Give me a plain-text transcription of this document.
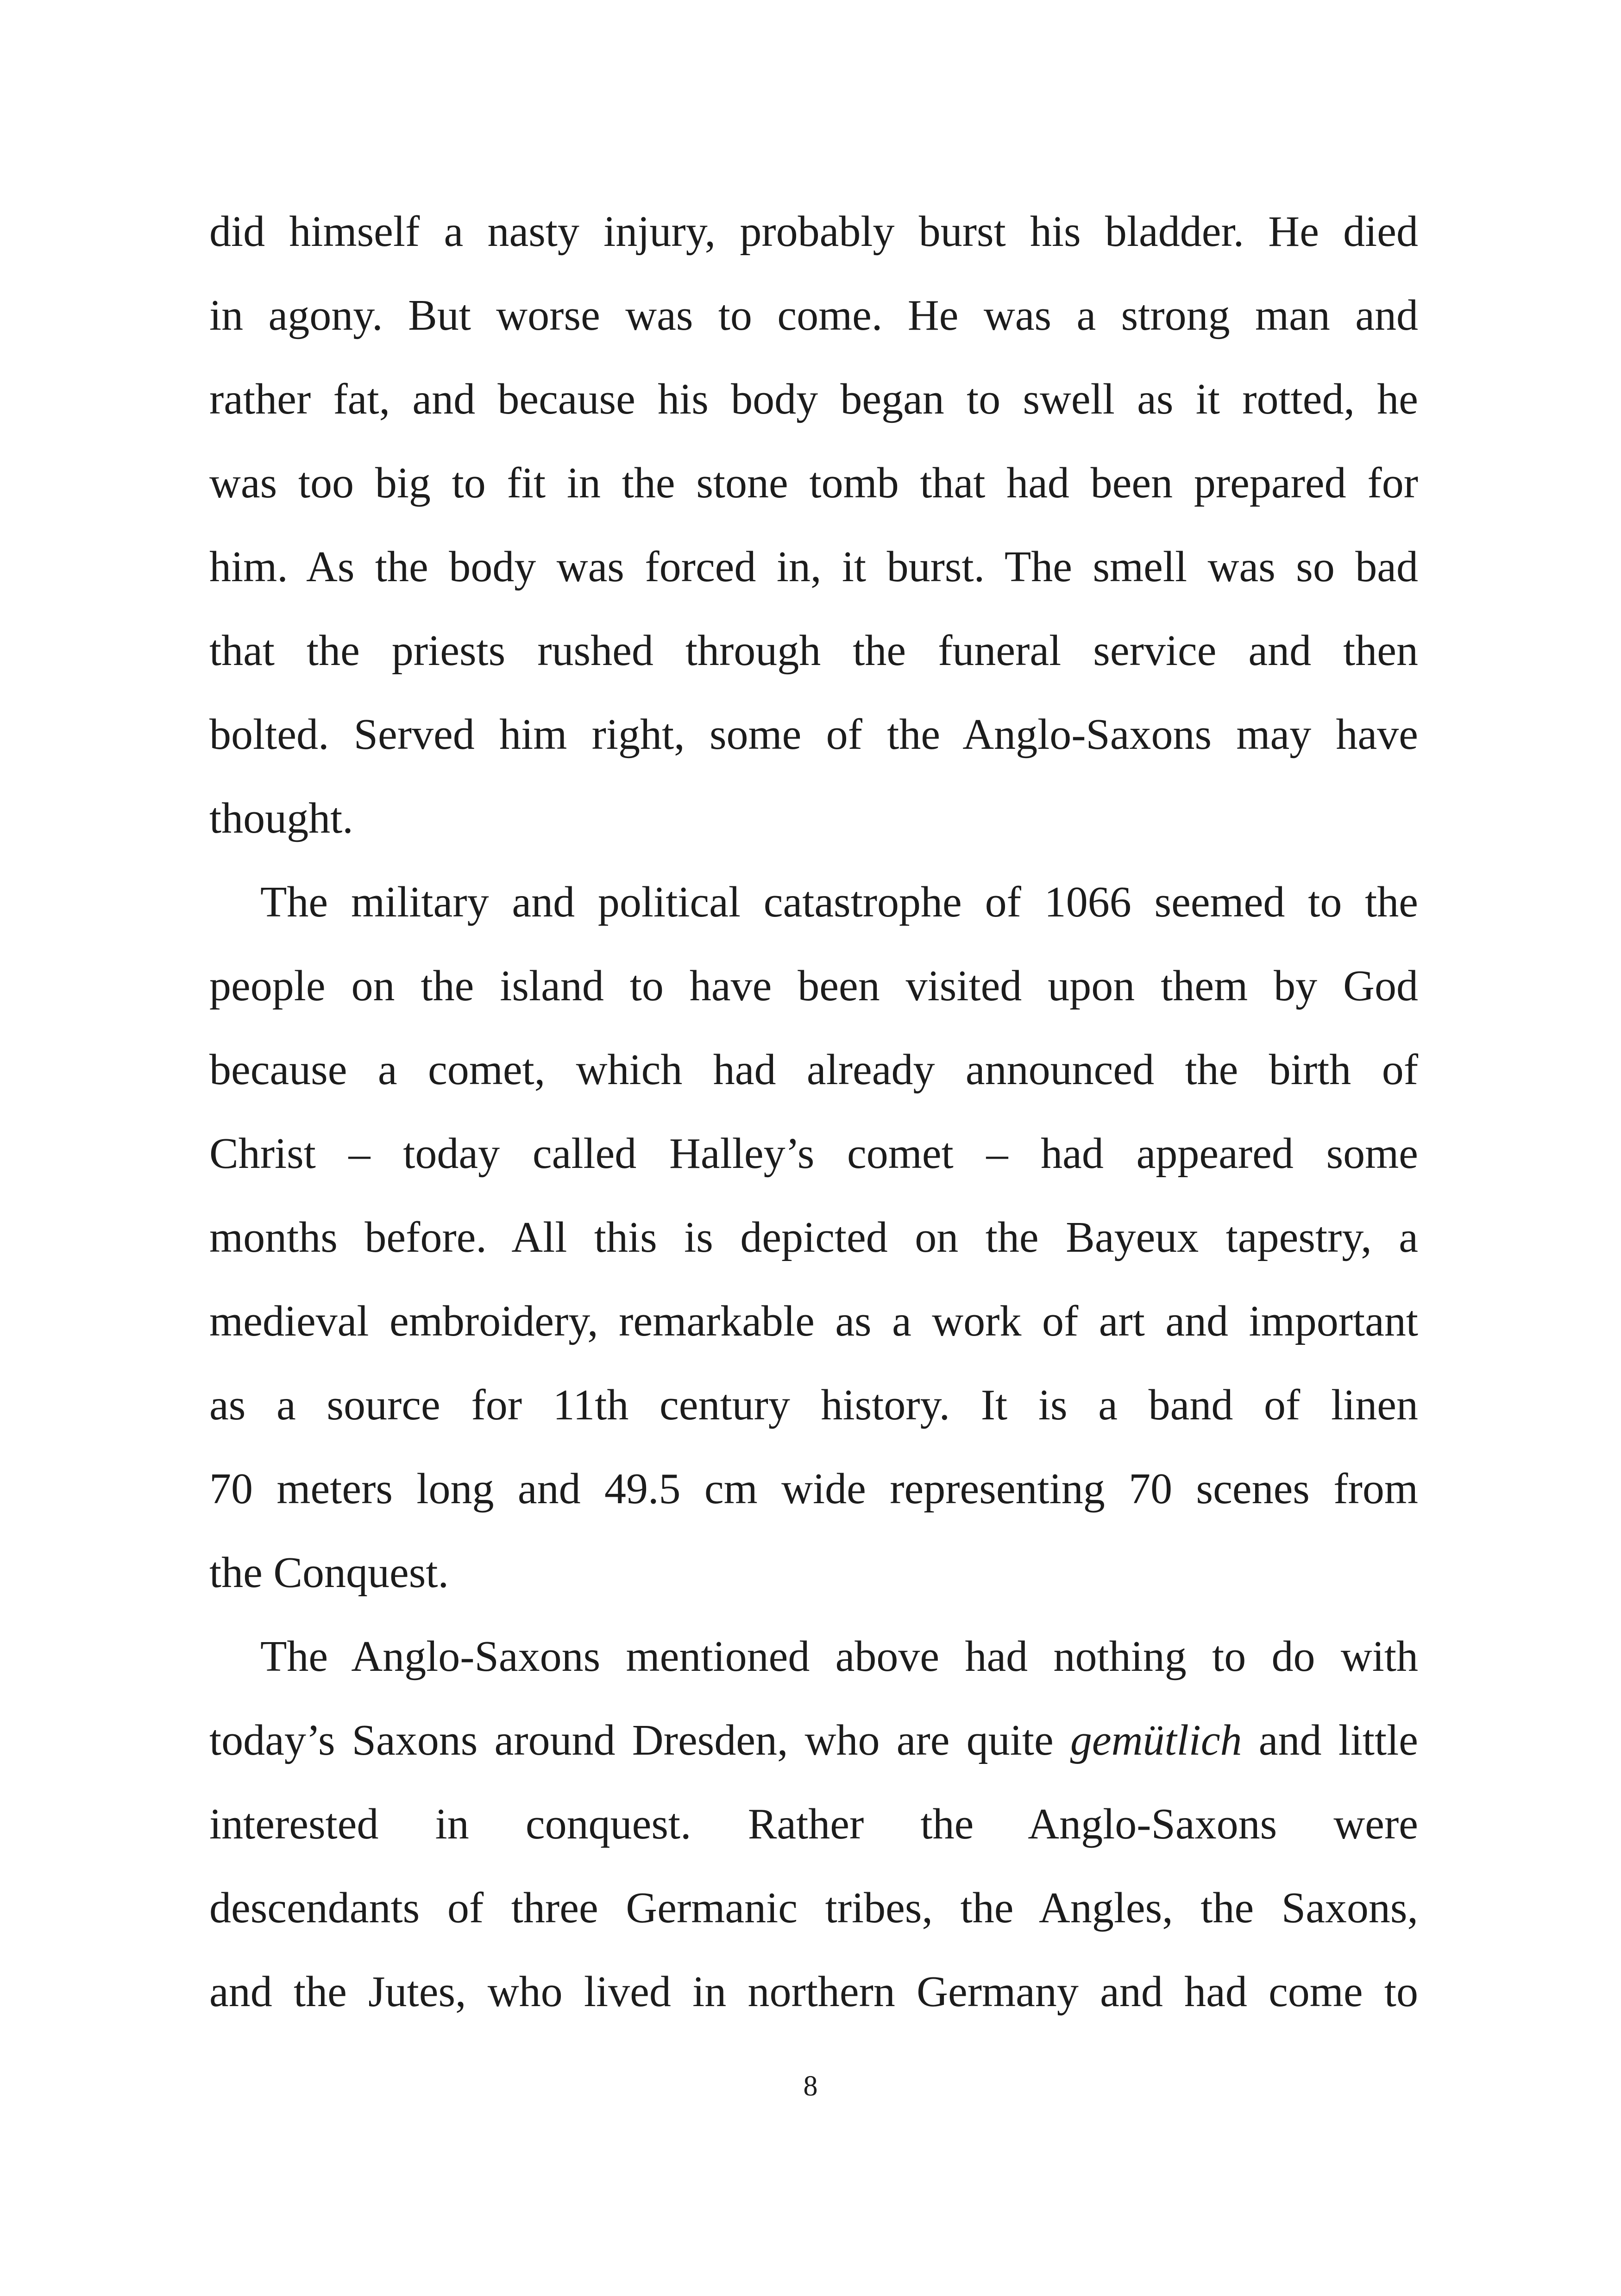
did himself a nasty injury, probably burst his bladder. He died
in agony. But worse was to come. He was a strong man and
rather fat, and because his body began to swell as it rotted, he
was too big to fit in the stone tomb that had been prepared for
him. As the body was forced in, it burst. The smell was so bad
that the priests rushed through the funeral service and then
bolted. Served him right, some of the Anglo-Saxons may have
thought.

The military and political catastrophe of 1066 seemed to the
people on the island to have been visited upon them by God
because a comet, which had already announced the birth of
Christ – today called Halley’s comet – had appeared some
months before. All this is depicted on the Bayeux tapestry, a
medieval embroidery, remarkable as a work of art and important
as a source for 11th century history. It is a band of linen
70 meters long and 49.5 cm wide representing 70 scenes from
the Conquest.

The Anglo-Saxons mentioned above had nothing to do with
today’s Saxons around Dresden, who are quite gemütlich and little
interested in conquest. Rather the Anglo-Saxons were
descendants of three Germanic tribes, the Angles, the Saxons,
and the Jutes, who lived in northern Germany and had come to

8
